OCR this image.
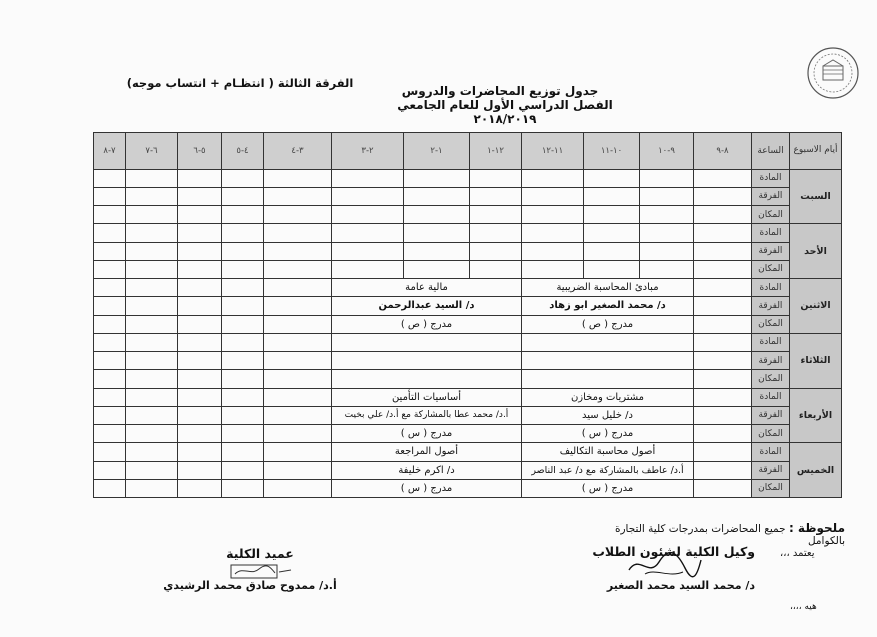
جدول توزيع المحاضرات والدروس
الفصل الدراسي الأول للعام الجامعي ٢٠١٨/٢٠١٩
الفرقة الثالثة ( انتظـام + انتساب موجه)
أيام الاسبوع	الساعة	٨-٩	٩-١٠	١٠-١١	١١-١٢	١٢-١	١-٢	٢-٣	٣-٤	٤-٥	٥-٦	٦-٧	٧-٨
السبت	المادة												
	الفرقة												
	المكان												
الأحد	المادة												
	الفرقة												
	المكان												
الاثنين	المادة		مبادئ المحاسبة الضريبية			مالية عامة							
	الفرقة		د/ محمد الصغير ابو زهاد			د/ السيد عبدالرحمن							
	المكان		مدرج ( ص )			مدرج ( ص )							
الثلاثاء	المادة												
	الفرقة												
	المكان												
الأربعاء	المادة		مشتريات ومخازن			أساسيات التأمين							
	الفرقة		د/ خليل سيد			أ.د/ محمد عطا بالمشاركة مع أ.د/ علي بخيت							
	المكان		مدرج ( س )			مدرج ( س )							
الخميس	المادة		أصول محاسبة التكاليف			أصول المراجعة							
	الفرقة		أ.د/ عاطف بالمشاركة مع د/ عبد الناصر			د/ اكرم خليفة							
	المكان		مدرج ( س )			مدرج ( س )							
ملحوظة : جميع المحاضرات بمدرجات كلية التجارة بالكوامل
يعتمد ،،،
وكيل الكلية لشئون الطلاب
د/ محمد السيد محمد الصغير
عميد الكلية
أ.د/ ممدوح صادق محمد الرشيدي
هيه ،،،،
